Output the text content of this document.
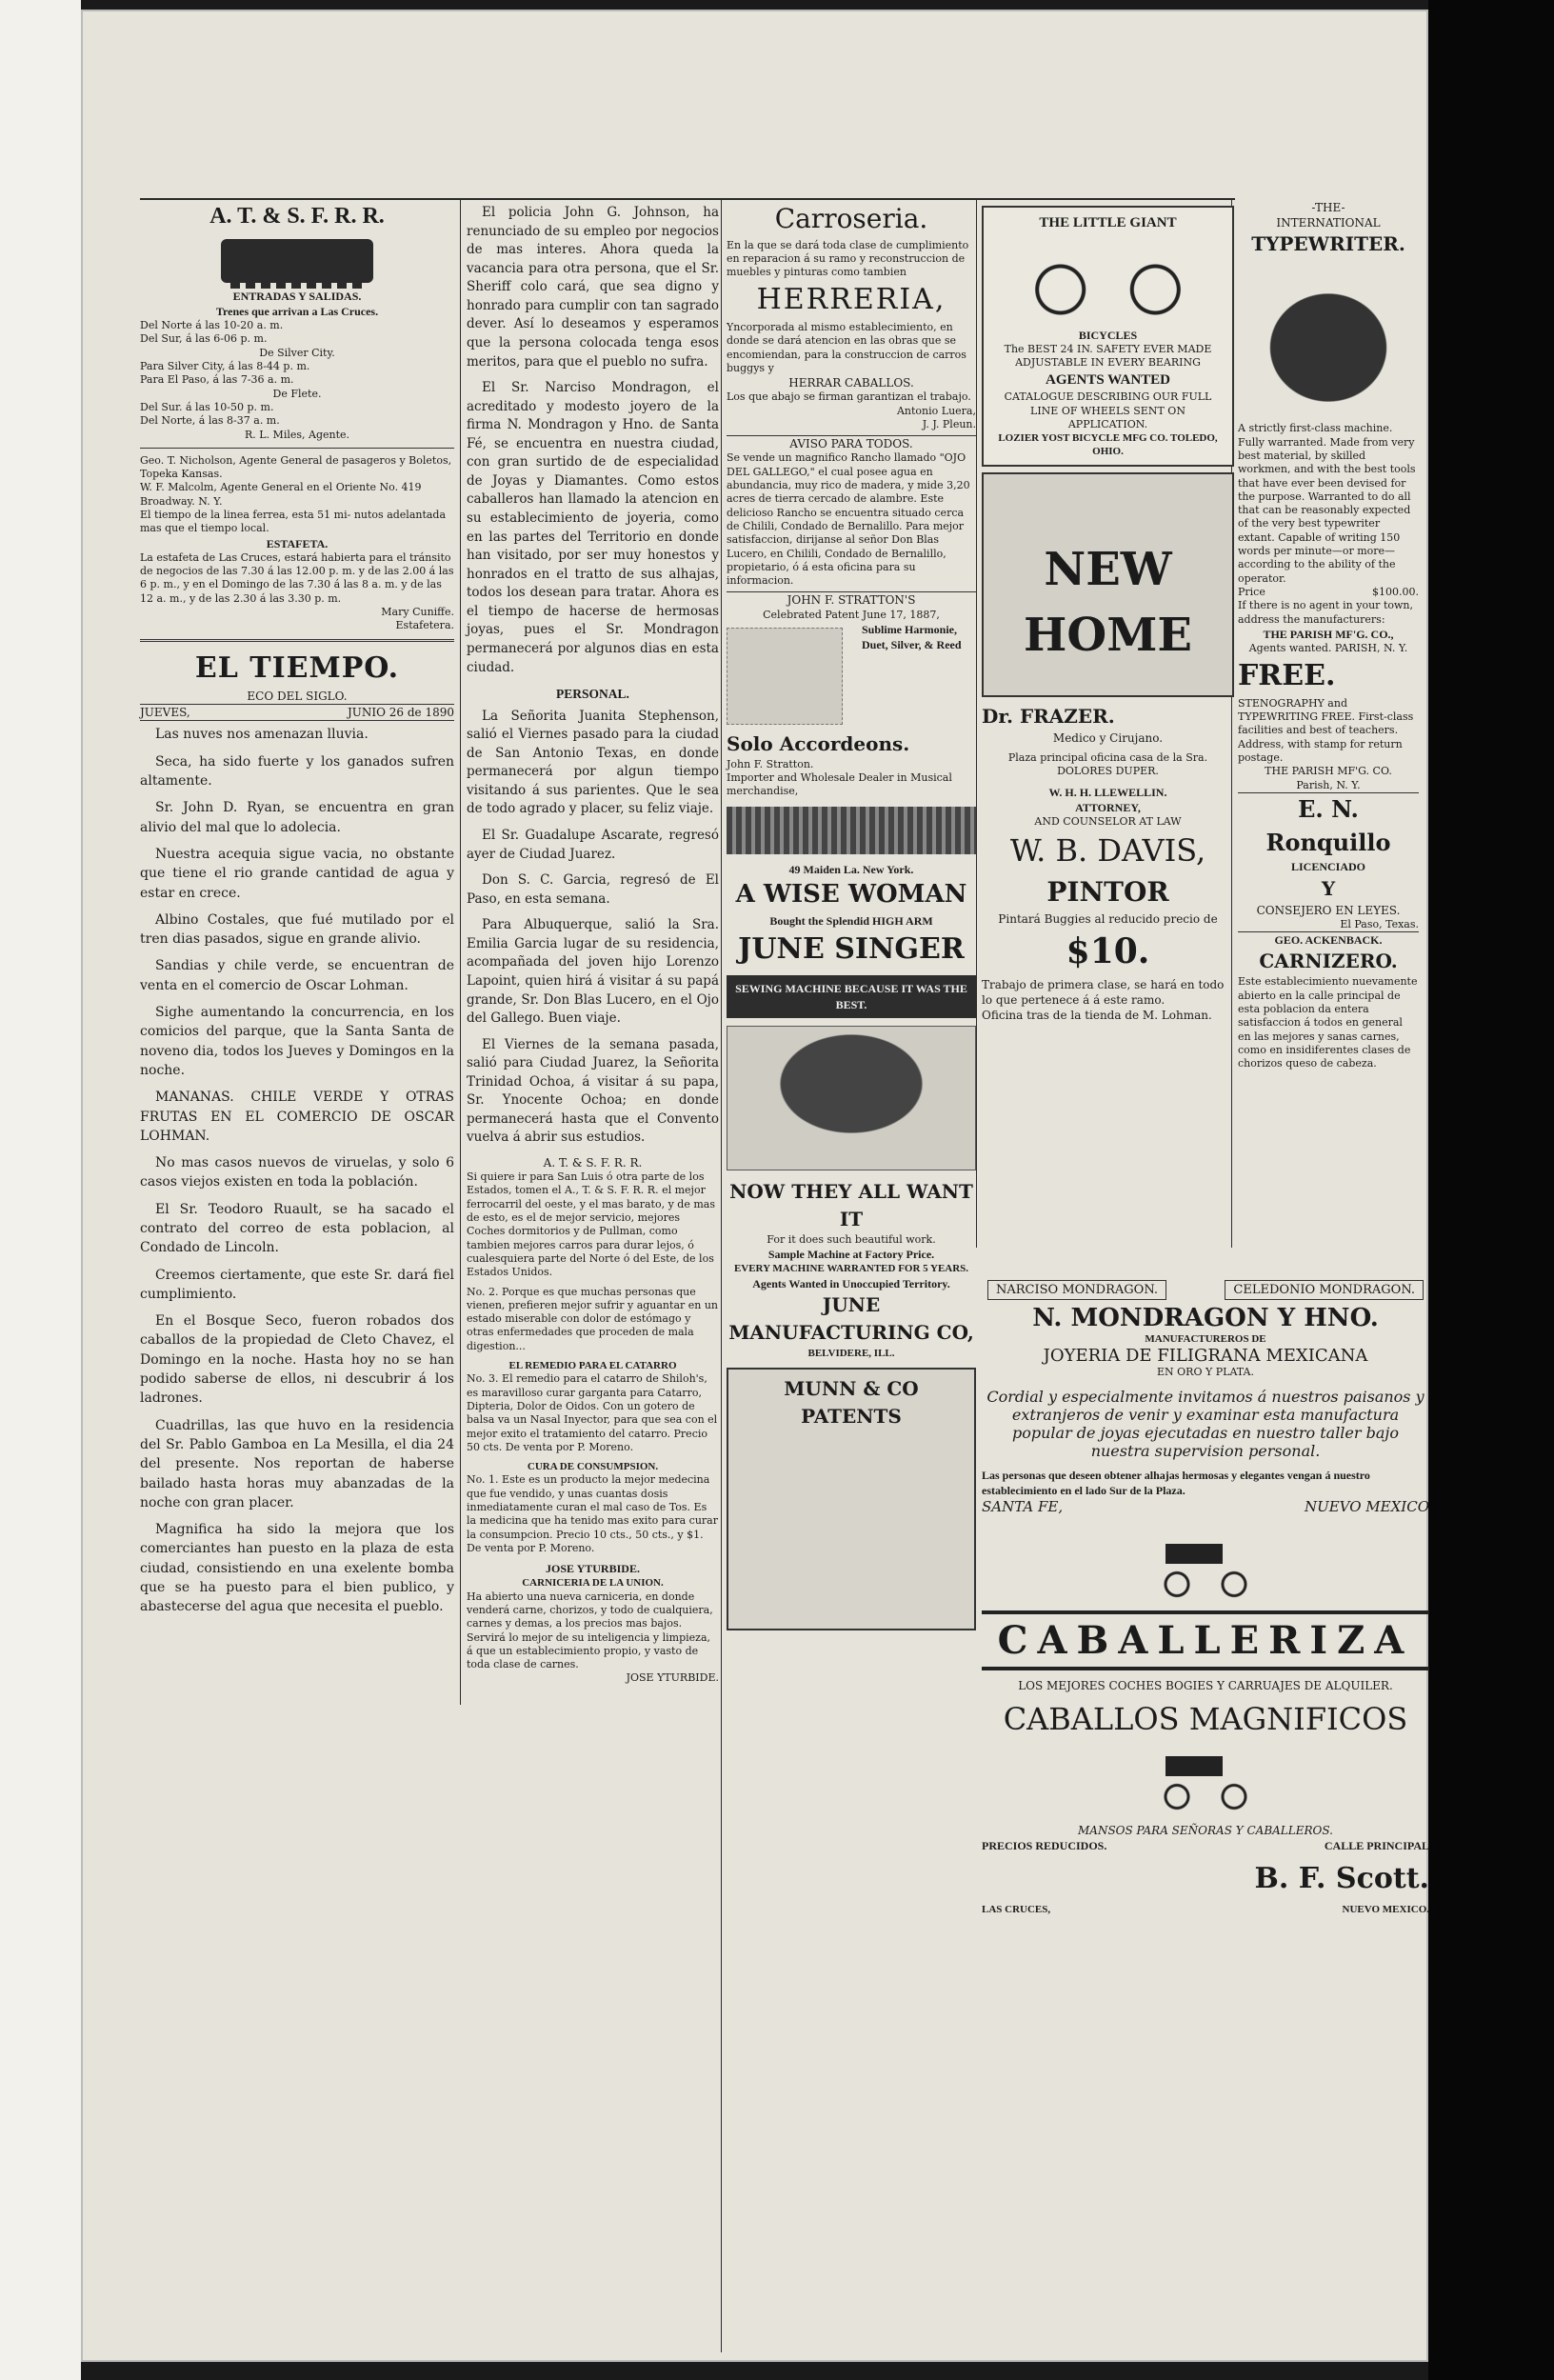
A. T. & S. F. R. R.
ENTRADAS Y SALIDAS.
Trenes que arrivan a Las Cruces.
Del Norte á las 10-20 a. m.
Del Sur, á las 6-06 p. m.
De Silver City.
Para Silver City, á las 8-44 p. m.
Para El Paso, á las 7-36 a. m.
De Flete.
Del Sur. á las 10-50 p. m.
Del Norte, á las 8-37 a. m.
R. L. Miles, Agente.
Geo. T. Nicholson, Agente General de pasageros y Boletos, Topeka Kansas.
W. F. Malcolm, Agente General en el Oriente No. 419 Broadway. N. Y.
El tiempo de la linea ferrea, esta 51 mi- nutos adelantada mas que el tiempo local.
ESTAFETA.
La estafeta de Las Cruces, estará habierta para el tránsito de negocios de las 7.30 á las 12.00 p. m. y de las 2.00 á las 6 p. m., y en el Domingo de las 7.30 á las 8 a. m. y de las 12 a. m., y de las 2.30 á las 3.30 p. m.
Mary Cuniffe.
Estafetera.
EL TIEMPO.
ECO DEL SIGLO.
JUEVES,	JUNIO 26 de 1890

Las nuves nos amenazan lluvia.

Seca, ha sido fuerte y los ganados sufren altamente.

Sr. John D. Ryan, se encuentra en gran alivio del mal que lo adolecia.

Nuestra acequia sigue vacia, no obstante que tiene el rio grande cantidad de agua y estar en crece.

Albino Costales, que fué mutilado por el tren dias pasados, sigue en grande alivio.

Sandias y chile verde, se encuentran de venta en el comercio de Oscar Lohman.

Sighe aumentando la concurrencia, en los comicios del parque, que la Santa Santa de noveno dia, todos los Jueves y Domingos en la noche.

MANANAS. CHILE VERDE Y OTRAS FRUTAS EN EL COMERCIO DE OSCAR LOHMAN.

No mas casos nuevos de viruelas, y solo 6 casos viejos existen en toda la población.

El Sr. Teodoro Ruault, se ha sacado el contrato del correo de esta poblacion, al Condado de Lincoln.

Creemos ciertamente, que este Sr. dará fiel cumplimiento.

En el Bosque Seco, fueron robados dos caballos de la propiedad de Cleto Chavez, el Domingo en la noche. Hasta hoy no se han podido saberse de ellos, ni descubrir á los ladrones.

Cuadrillas, las que huvo en la residencia del Sr. Pablo Gamboa en La Mesilla, el dia 24 del presente. Nos reportan de haberse bailado hasta horas muy abanzadas de la noche con gran placer.

Magnifica ha sido la mejora que los comerciantes han puesto en la plaza de esta ciudad, consistiendo en una exelente bomba que se ha puesto para el bien publico, y abastecerse del agua que necesita el pueblo.

El policia John G. Johnson, ha renunciado de su empleo por negocios de mas interes. Ahora queda la vacancia para otra persona, que el Sr. Sheriff colo cará, que sea digno y honrado para cumplir con tan sagrado dever. Así lo deseamos y esperamos que la persona colocada tenga esos meritos, para que el pueblo no sufra.

El Sr. Narciso Mondragon, el acreditado y modesto joyero de la firma N. Mondragon y Hno. de Santa Fé, se encuentra en nuestra ciudad, con gran surtido de de especialidad de Joyas y Diamantes. Como estos caballeros han llamado la atencion en su establecimiento de joyeria, como en las partes del Territorio en donde han visitado, por ser muy honestos y honrados en el tratto de sus alhajas, todos los desean para tratar. Ahora es el tiempo de hacerse de hermosas joyas, pues el Sr. Mondragon permanecerá por algunos dias en esta ciudad.

PERSONAL.

La Señorita Juanita Stephenson, salió el Viernes pasado para la ciudad de San Antonio Texas, en donde permanecerá por algun tiempo visitando á sus parientes. Que le sea de todo agrado y placer, su feliz viaje.

El Sr. Guadalupe Ascarate, regresó ayer de Ciudad Juarez.

Don S. C. Garcia, regresó de El Paso, en esta semana.

Para Albuquerque, salió la Sra. Emilia Garcia lugar de su residencia, acompañada del joven hijo Lorenzo Lapoint, quien hirá á visitar á su papá grande, Sr. Don Blas Lucero, en el Ojo del Gallego. Buen viaje.

El Viernes de la semana pasada, salió para Ciudad Juarez, la Señorita Trinidad Ochoa, á visitar á su papa, Sr. Ynocente Ochoa; en donde permanecerá hasta que el Convento vuelva á abrir sus estudios.

A. T. & S. F. R. R.
Si quiere ir para San Luis ó otra parte de los Estados, tomen el A., T. & S. F. R. R. el mejor ferrocarril del oeste, y el mas barato, y de mas de esto, es el de mejor servicio, mejores Coches dormitorios y de Pullman, como tambien mejores carros para durar lejos, ó cualesquiera parte del Norte ó del Este, de los Estados Unidos.
No. 2. Porque es que muchas personas que vienen, prefieren mejor sufrir y aguantar en un estado miserable con dolor de estómago y otras enfermedades que proceden de mala digestion...
EL REMEDIO PARA EL CATARRO
No. 3. El remedio para el catarro de Shiloh's, es maravilloso curar garganta para Catarro, Dipteria, Dolor de Oidos. Con un gotero de balsa va un Nasal Inyector, para que sea con el mejor exito el tratamiento del catarro. Precio 50 cts. De venta por P. Moreno.
CURA DE CONSUMPSION.
No. 1. Este es un producto la mejor medecina que fue vendido, y unas cuantas dosis inmediatamente curan el mal caso de Tos. Es la medicina que ha tenido mas exito para curar la consumpcion. Precio 10 cts., 50 cts., y $1. De venta por P. Moreno.
JOSE YTURBIDE.
CARNICERIA DE LA UNION.
Ha abierto una nueva carniceria, en donde venderá carne, chorizos, y todo de cualquiera, carnes y demas, a los precios mas bajos. Servirá lo mejor de su inteligencia y limpieza, á que un establecimiento propio, y vasto de toda clase de carnes.
JOSE YTURBIDE.
Carroseria.
En la que se dará toda clase de cumplimiento en reparacion á su ramo y reconstruccion de muebles y pinturas como tambien
HERRERIA,
Yncorporada al mismo establecimiento, en donde se dará atencion en las obras que se encomiendan, para la construccion de carros buggys y
HERRAR CABALLOS.
Los que abajo se firman garantizan el trabajo.
Antonio Luera,
J. J. Pleun.
AVISO PARA TODOS.
Se vende un magnifico Rancho llamado "OJO DEL GALLEGO," el cual posee agua en abundancia, muy rico de madera, y mide 3,20 acres de tierra cercado de alambre. Este delicioso Rancho se encuentra situado cerca de Chilili, Condado de Bernalillo. Para mejor satisfaccion, dirijanse al señor Don Blas Lucero, en Chilili, Condado de Bernalillo, propietario, ó á esta oficina para su informacion.
JOHN F. STRATTON'S
Celebrated Patent June 17, 1887,
Sublime Harmonie, Duet, Silver, & Reed
Solo Accordeons.
John F. Stratton.
Importer and Wholesale Dealer in Musical merchandise,
49 Maiden La. New York.
A WISE WOMAN
Bought the Splendid HIGH ARM
JUNE SINGER
SEWING MACHINE BECAUSE IT WAS THE BEST.
NOW THEY ALL WANT IT
For it does such beautiful work.
Sample Machine at Factory Price.
EVERY MACHINE WARRANTED FOR 5 YEARS.
Agents Wanted in Unoccupied Territory.
JUNE MANUFACTURING CO,
BELVIDERE, ILL.
MUNN & CO PATENTS
THE LITTLE GIANT
BICYCLES
The BEST 24 IN. SAFETY EVER MADE ADJUSTABLE IN EVERY BEARING
AGENTS WANTED
CATALOGUE DESCRIBING OUR FULL LINE OF WHEELS SENT ON APPLICATION.
LOZIER YOST BICYCLE MFG CO. TOLEDO, OHIO.
NEW HOME
Dr. FRAZER.
Medico y Cirujano.
Plaza principal oficina casa de la Sra. DOLORES DUPER.
W. H. H. LLEWELLIN.
ATTORNEY,
AND COUNSELOR AT LAW
W. B. DAVIS,
PINTOR
Pintará Buggies al reducido precio de
$10.
Trabajo de primera clase, se hará en todo lo que pertenece á á este ramo.
Oficina tras de la tienda de M. Lohman.
-THE-
INTERNATIONAL
TYPEWRITER.
A strictly first-class machine. Fully warranted. Made from very best material, by skilled workmen, and with the best tools that have ever been devised for the purpose. Warranted to do all that can be reasonably expected of the very best typewriter extant. Capable of writing 150 words per minute—or more—according to the ability of the operator.
Price	$100.00.
If there is no agent in your town, address the manufacturers:
THE PARISH MF'G. CO.,
Agents wanted. PARISH, N. Y.
FREE.
STENOGRAPHY and TYPEWRITING FREE. First-class facilities and best of teachers. Address, with stamp for return postage.
THE PARISH MF'G. CO.
Parish, N. Y.
E. N. Ronquillo
LICENCIADO
Y
CONSEJERO EN LEYES.
El Paso, Texas.
GEO. ACKENBACK.
CARNIZERO.
Este establecimiento nuevamente abierto en la calle principal de esta poblacion da entera satisfaccion á todos en general en las mejores y sanas carnes, como en insidiferentes clases de chorizos queso de cabeza.
NARCISO MONDRAGON.	CELEDONIO MONDRAGON.
N. MONDRAGON Y HNO.
MANUFACTUREROS DE
JOYERIA DE FILIGRANA MEXICANA
EN ORO Y PLATA.
Cordial y especialmente invitamos á nuestros paisanos y extranjeros de venir y examinar esta manufactura popular de joyas ejecutadas en nuestro taller bajo nuestra supervision personal.
Las personas que deseen obtener alhajas hermosas y elegantes vengan á nuestro establecimiento en el lado Sur de la Plaza.
SANTA FE,	NUEVO MEXICO
CABALLERIZA
LOS MEJORES COCHES BOGIES Y CARRUAJES DE ALQUILER.
CABALLOS MAGNIFICOS
MANSOS PARA SEÑORAS Y CABALLEROS.
PRECIOS REDUCIDOS.	CALLE PRINCIPAL
B. F. Scott.
LAS CRUCES,	NUEVO MEXICO.
